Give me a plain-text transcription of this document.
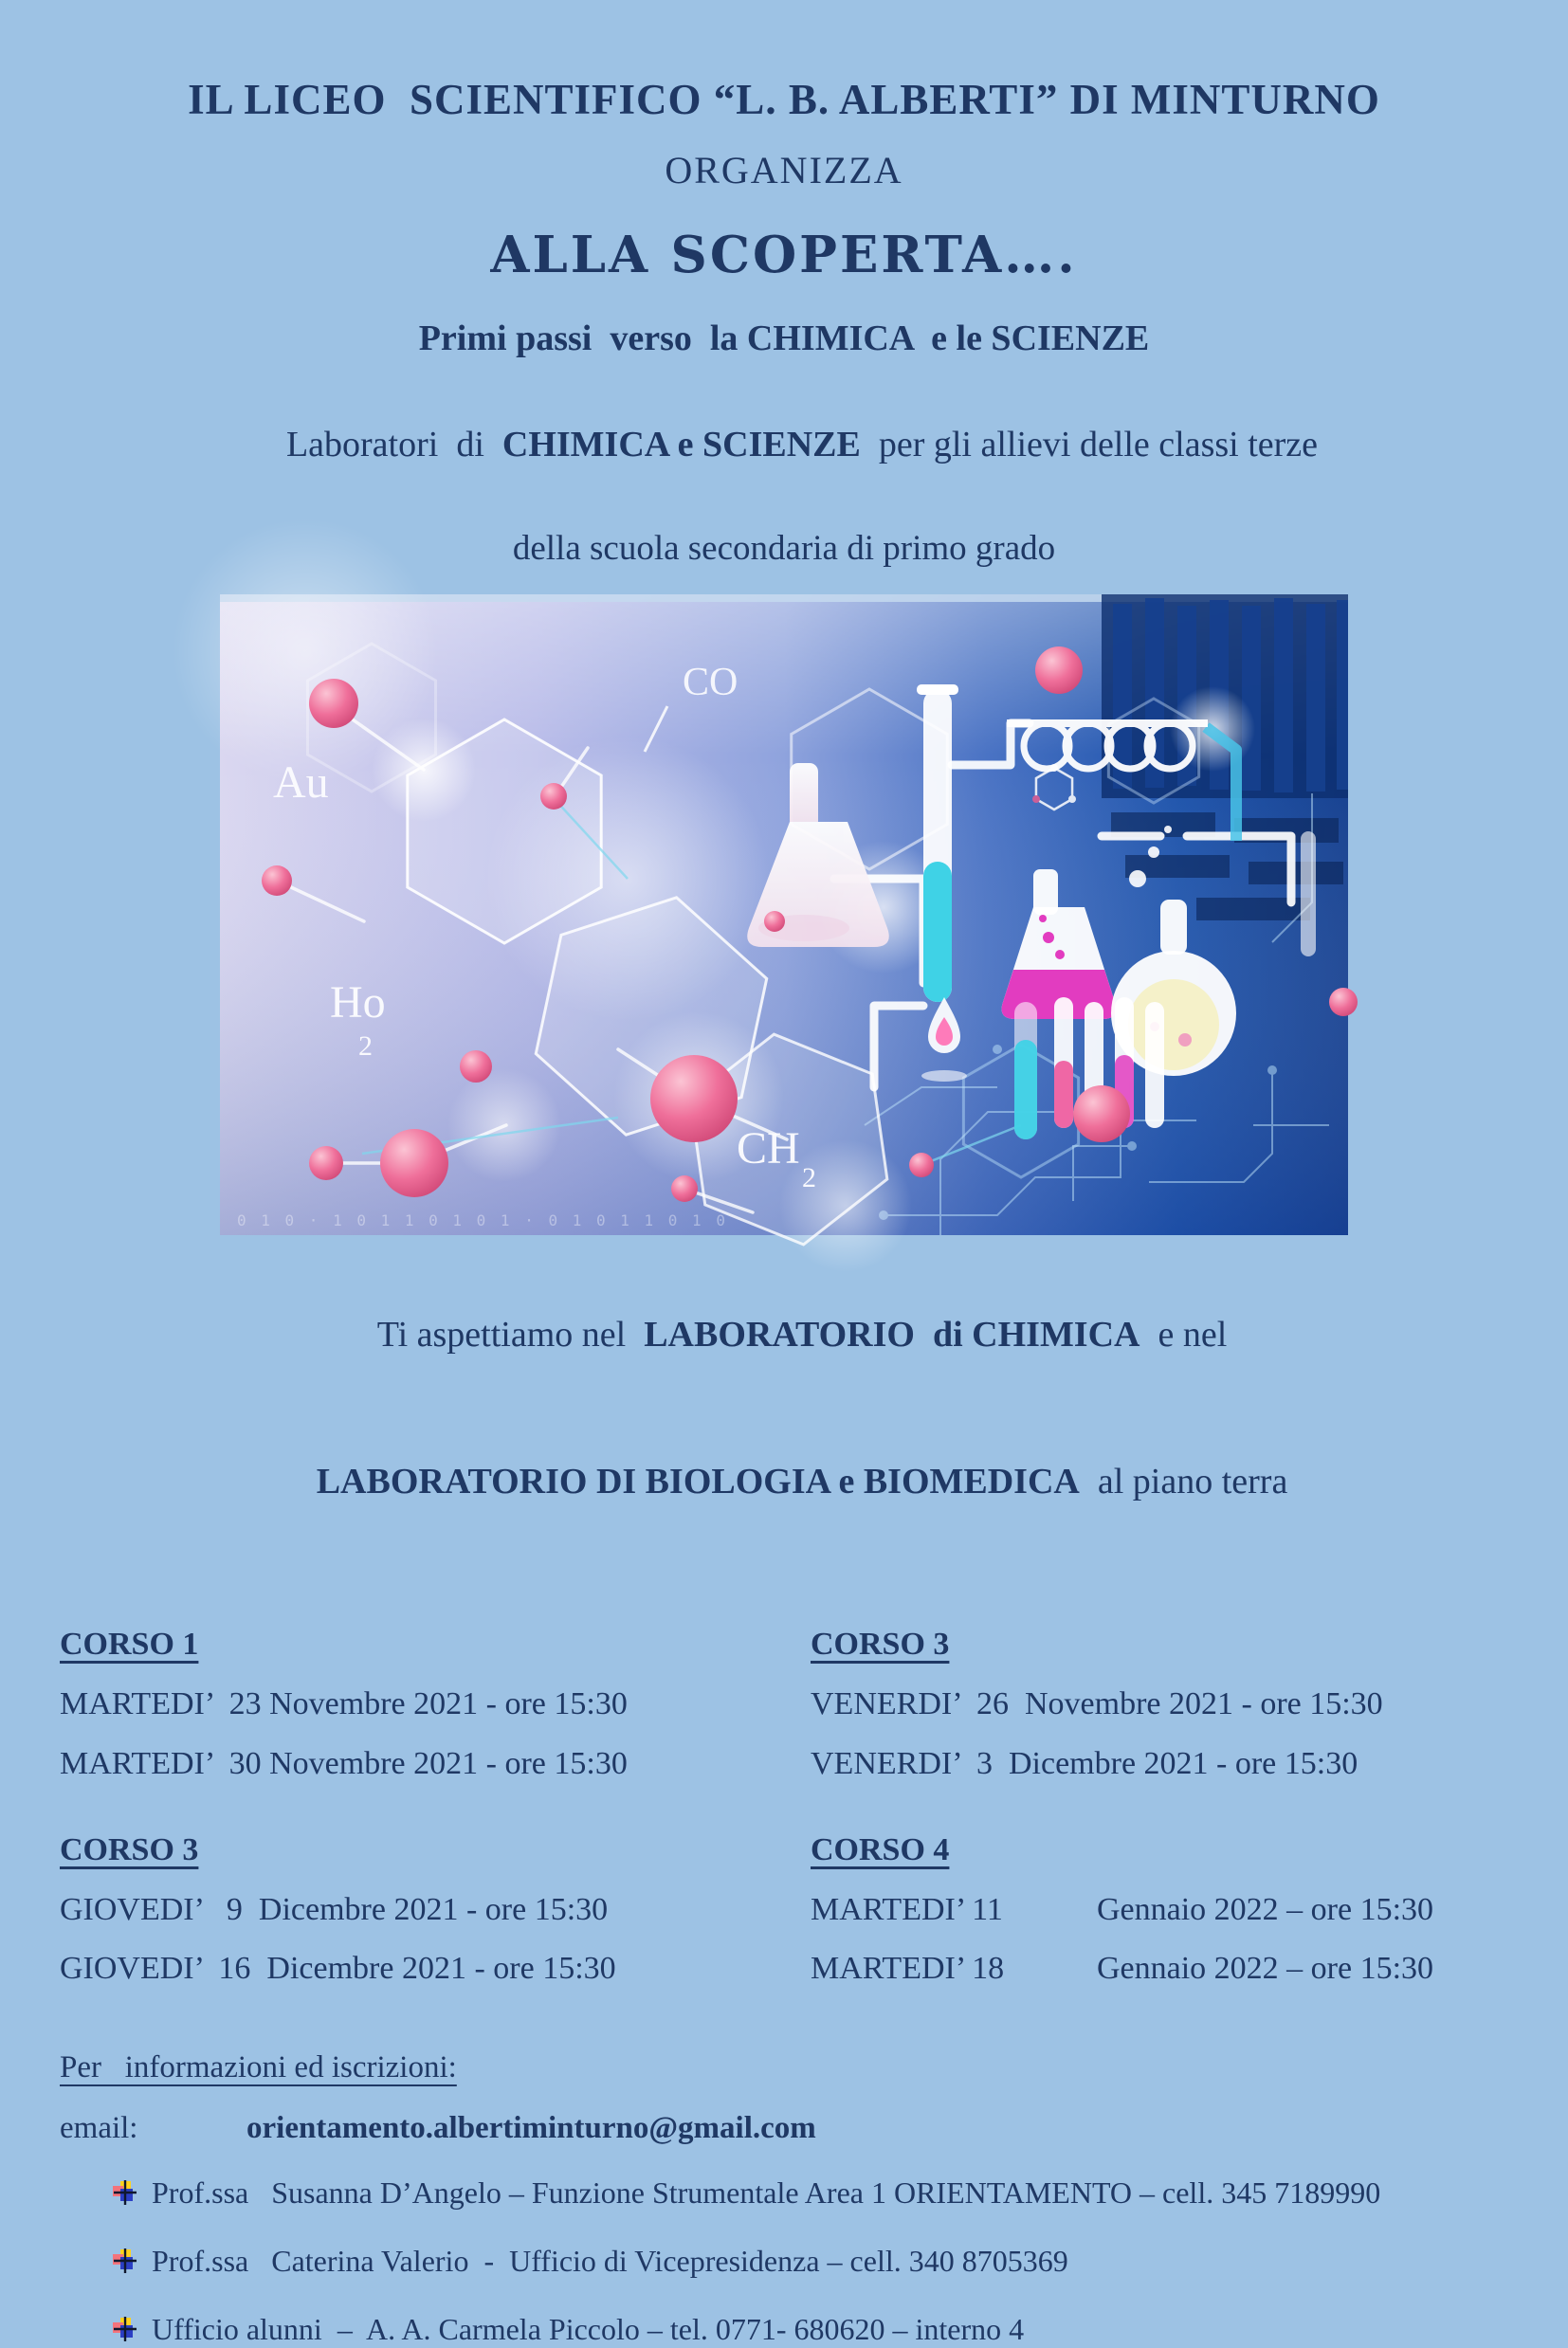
IL LICEO  SCIENTIFICO “L. B. ALBERTI” DI MINTURNO
ORGANIZZA
ALLA SCOPERTA….
Primi passi  verso  la CHIMICA  e le SCIENZE

Laboratori  di  CHIMICA e SCIENZE  per gli allievi delle classi terze

della scuola secondaria di primo grado
Au
CO
Ho
2
CH
2
0 1 0 · 1 0 1 1 0 1 0 1 · 0 1 0 1 1 0 1 0

Ti aspettiamo nel  LABORATORIO  di CHIMICA  e nel

LABORATORIO DI BIOLOGIA e BIOMEDICA  al piano terra

CORSO 1
MARTEDI’  23 Novembre 2021 - ore 15:30
MARTEDI’  30 Novembre 2021 - ore 15:30
CORSO 3
VENERDI’  26  Novembre 2021 - ore 15:30
VENERDI’  3  Dicembre 2021 - ore 15:30
CORSO 3
GIOVEDI’   9  Dicembre 2021 - ore 15:30
GIOVEDI’  16  Dicembre 2021 - ore 15:30
CORSO 4
MARTEDI’ 11	Gennaio 2022 – ore 15:30
MARTEDI’ 18	Gennaio 2022 – ore 15:30
Per   informazioni ed iscrizioni:
email:	orientamento.albertiminturno@gmail.com
Prof.ssa   Susanna D’Angelo – Funzione Strumentale Area 1 ORIENTAMENTO – cell. 345 7189990
Prof.ssa   Caterina Valerio  -  Ufficio di Vicepresidenza – cell. 340 8705369
Ufficio alunni  –  A. A. Carmela Piccolo – tel. 0771- 680620 – interno 4
